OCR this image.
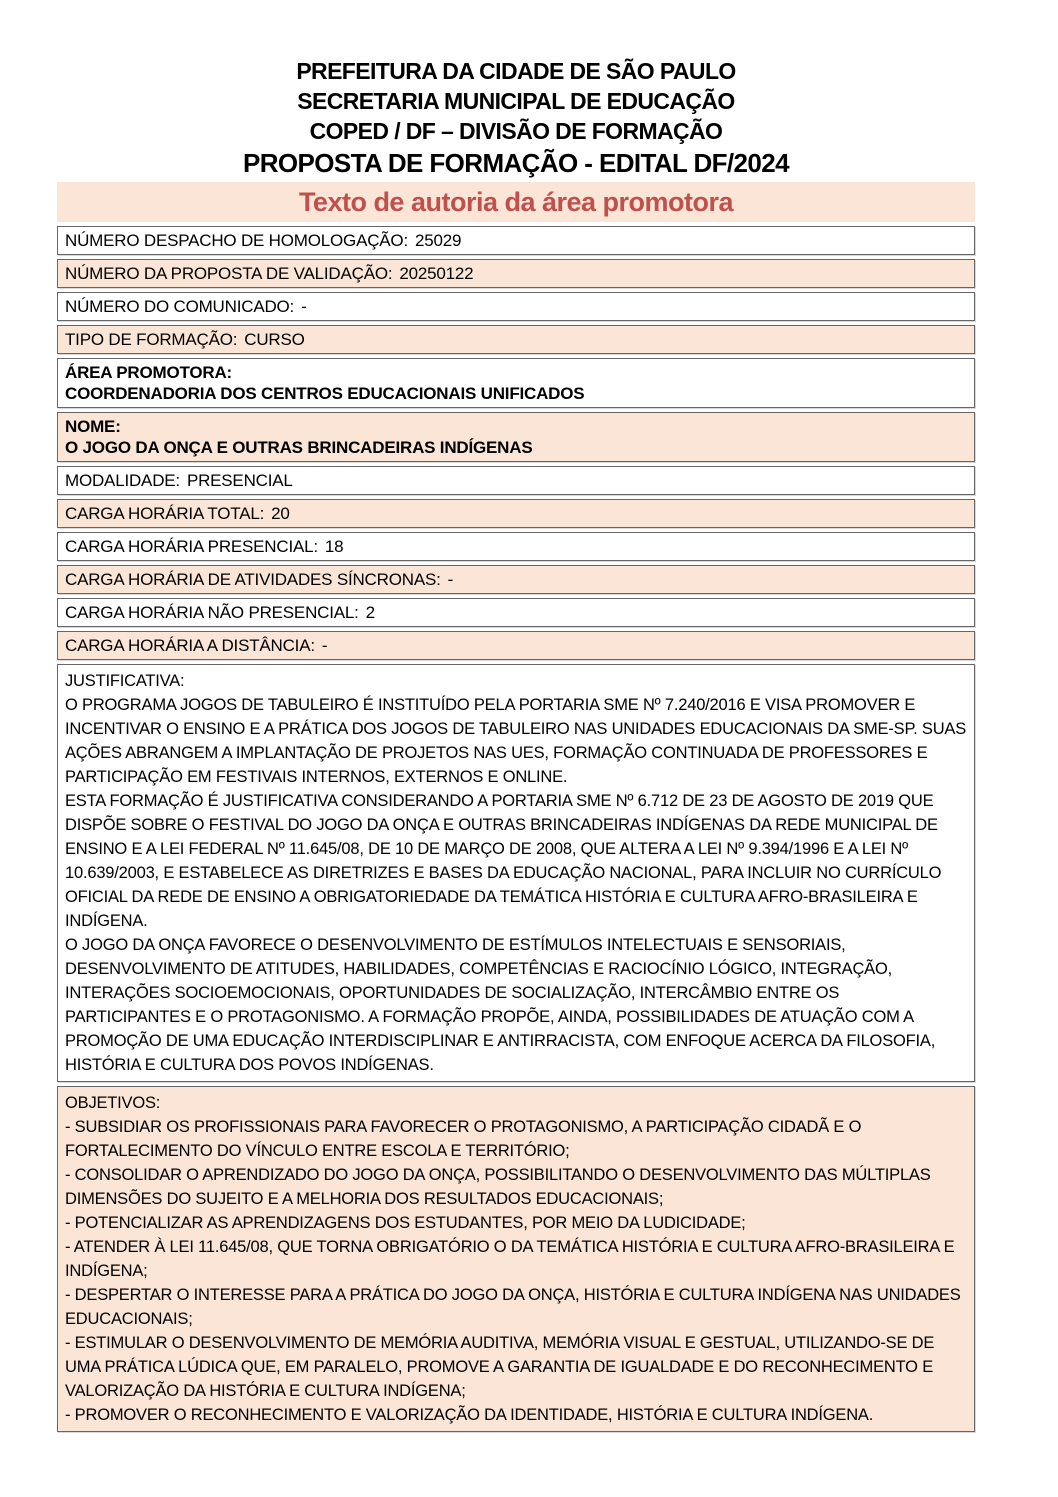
PREFEITURA DA CIDADE DE SÃO PAULO
SECRETARIA MUNICIPAL DE EDUCAÇÃO
COPED / DF – DIVISÃO DE FORMAÇÃO
PROPOSTA DE FORMAÇÃO - EDITAL DF/2024
Texto de autoria da área promotora
NÚMERO DESPACHO DE HOMOLOGAÇÃO: 25029
NÚMERO DA PROPOSTA DE VALIDAÇÃO: 20250122
NÚMERO DO COMUNICADO: -
TIPO DE FORMAÇÃO: CURSO
ÁREA PROMOTORA:
COORDENADORIA DOS CENTROS EDUCACIONAIS UNIFICADOS
NOME:
O JOGO DA ONÇA E OUTRAS BRINCADEIRAS INDÍGENAS
MODALIDADE: PRESENCIAL
CARGA HORÁRIA TOTAL: 20
CARGA HORÁRIA PRESENCIAL: 18
CARGA HORÁRIA DE ATIVIDADES SÍNCRONAS: -
CARGA HORÁRIA NÃO PRESENCIAL: 2
CARGA HORÁRIA A DISTÂNCIA: -
JUSTIFICATIVA:
O PROGRAMA JOGOS DE TABULEIRO É INSTITUÍDO PELA PORTARIA SME Nº 7.240/2016 E VISA PROMOVER E INCENTIVAR O ENSINO E A PRÁTICA DOS JOGOS DE TABULEIRO NAS UNIDADES EDUCACIONAIS DA SME-SP. SUAS AÇÕES ABRANGEM A IMPLANTAÇÃO DE PROJETOS NAS UES, FORMAÇÃO CONTINUADA DE PROFESSORES E PARTICIPAÇÃO EM FESTIVAIS INTERNOS, EXTERNOS E ONLINE.
ESTA FORMAÇÃO É JUSTIFICATIVA CONSIDERANDO A PORTARIA SME Nº 6.712 DE 23 DE AGOSTO DE 2019 QUE DISPÕE SOBRE O FESTIVAL DO JOGO DA ONÇA E OUTRAS BRINCADEIRAS INDÍGENAS DA REDE MUNICIPAL DE ENSINO E A LEI FEDERAL Nº 11.645/08, DE 10 DE MARÇO DE 2008, QUE ALTERA A LEI Nº 9.394/1996 E A LEI Nº 10.639/2003, E ESTABELECE AS DIRETRIZES E BASES DA EDUCAÇÃO NACIONAL, PARA INCLUIR NO CURRÍCULO OFICIAL DA REDE DE ENSINO A OBRIGATORIEDADE DA TEMÁTICA HISTÓRIA E CULTURA AFRO-BRASILEIRA E INDÍGENA.
O JOGO DA ONÇA FAVORECE O DESENVOLVIMENTO DE ESTÍMULOS INTELECTUAIS E SENSORIAIS, DESENVOLVIMENTO DE ATITUDES, HABILIDADES, COMPETÊNCIAS E RACIOCÍNIO LÓGICO, INTEGRAÇÃO, INTERAÇÕES SOCIOEMOCIONAIS, OPORTUNIDADES DE SOCIALIZAÇÃO, INTERCÂMBIO ENTRE OS PARTICIPANTES E O PROTAGONISMO. A FORMAÇÃO PROPÕE, AINDA, POSSIBILIDADES DE ATUAÇÃO COM A PROMOÇÃO DE UMA EDUCAÇÃO INTERDISCIPLINAR E ANTIRRACISTA, COM ENFOQUE ACERCA DA FILOSOFIA, HISTÓRIA E CULTURA DOS POVOS INDÍGENAS.
OBJETIVOS:
- SUBSIDIAR OS PROFISSIONAIS PARA FAVORECER O PROTAGONISMO, A PARTICIPAÇÃO CIDADÃ E O FORTALECIMENTO DO VÍNCULO ENTRE ESCOLA E TERRITÓRIO;
- CONSOLIDAR O APRENDIZADO DO JOGO DA ONÇA, POSSIBILITANDO O DESENVOLVIMENTO DAS MÚLTIPLAS DIMENSÕES DO SUJEITO E A MELHORIA DOS RESULTADOS EDUCACIONAIS;
- POTENCIALIZAR AS APRENDIZAGENS DOS ESTUDANTES, POR MEIO DA LUDICIDADE;
- ATENDER À LEI 11.645/08, QUE TORNA OBRIGATÓRIO O DA TEMÁTICA HISTÓRIA E CULTURA AFRO-BRASILEIRA E INDÍGENA;
- DESPERTAR O INTERESSE PARA A PRÁTICA DO JOGO DA ONÇA, HISTÓRIA E CULTURA INDÍGENA NAS UNIDADES EDUCACIONAIS;
- ESTIMULAR O DESENVOLVIMENTO DE MEMÓRIA AUDITIVA, MEMÓRIA VISUAL E GESTUAL, UTILIZANDO-SE DE UMA PRÁTICA LÚDICA QUE, EM PARALELO, PROMOVE A GARANTIA DE IGUALDADE E DO RECONHECIMENTO E VALORIZAÇÃO DA HISTÓRIA E CULTURA INDÍGENA;
- PROMOVER O RECONHECIMENTO E VALORIZAÇÃO DA IDENTIDADE, HISTÓRIA E CULTURA INDÍGENA.
